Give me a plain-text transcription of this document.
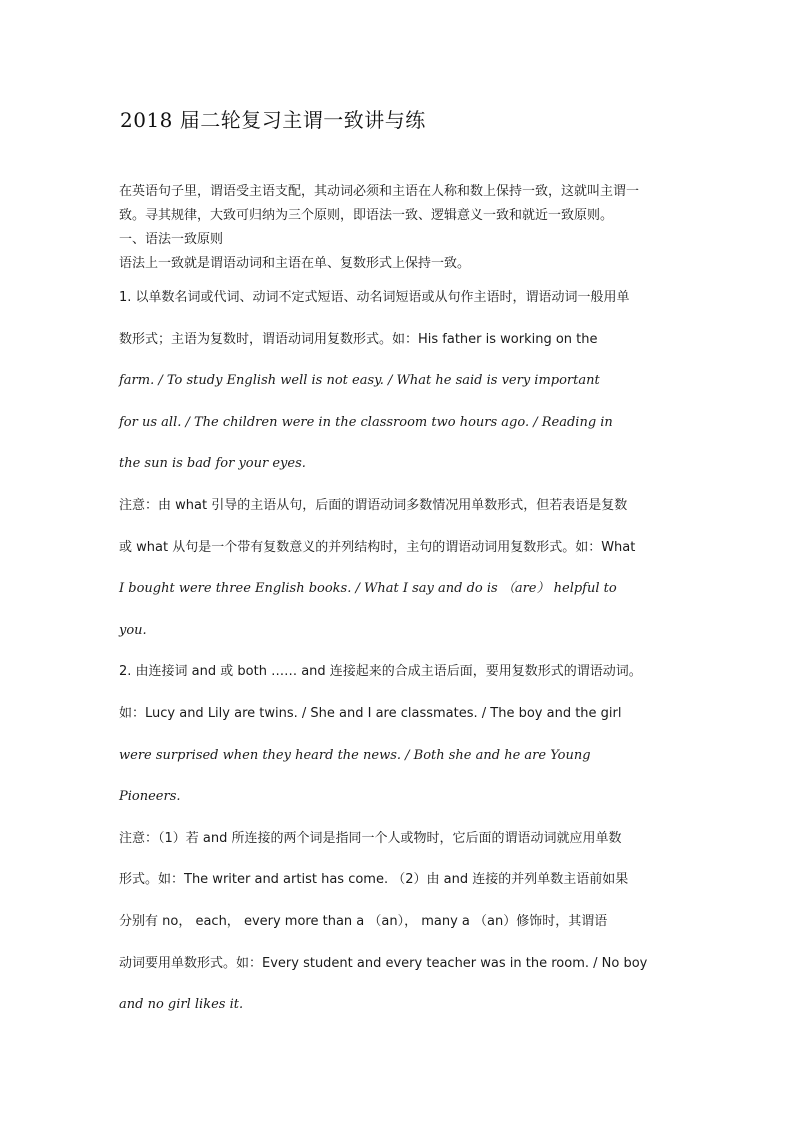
2018 届二轮复习主谓一致讲与练
在英语句子里，谓语受主语支配，其动词必须和主语在人称和数上保持一致，这就叫主谓一
致。寻其规律，大致可归纳为三个原则，即语法一致、逻辑意义一致和就近一致原则。
一、语法一致原则
语法上一致就是谓语动词和主语在单、复数形式上保持一致。
1. 以单数名词或代词、动词不定式短语、动名词短语或从句作主语时，谓语动词一般用单
数形式；主语为复数时，谓语动词用复数形式。如：His father is working on the
farm. / To study English well is not easy. / What he said is very important
for us all. / The children were in the classroom two hours ago. / Reading in
the sun is bad for your eyes.
注意：由 what 引导的主语从句，后面的谓语动词多数情况用单数形式，但若表语是复数
或 what 从句是一个带有复数意义的并列结构时，主句的谓语动词用复数形式。如：What
I bought were three English books. / What I say and do is （are） helpful to
you.
2. 由连接词 and 或 both …… and 连接起来的合成主语后面，要用复数形式的谓语动词。
如：Lucy and Lily are twins. / She and I are classmates. / The boy and the girl
were surprised when they heard the news. / Both she and he are Young
Pioneers.
注意：（1）若 and 所连接的两个词是指同一个人或物时，它后面的谓语动词就应用单数
形式。如：The writer and artist has come. （2）由 and 连接的并列单数主语前如果
分别有 no， each， every more than a （an）， many a （an）修饰时，其谓语
动词要用单数形式。如：Every student and every teacher was in the room. / No boy
and no girl likes it.
